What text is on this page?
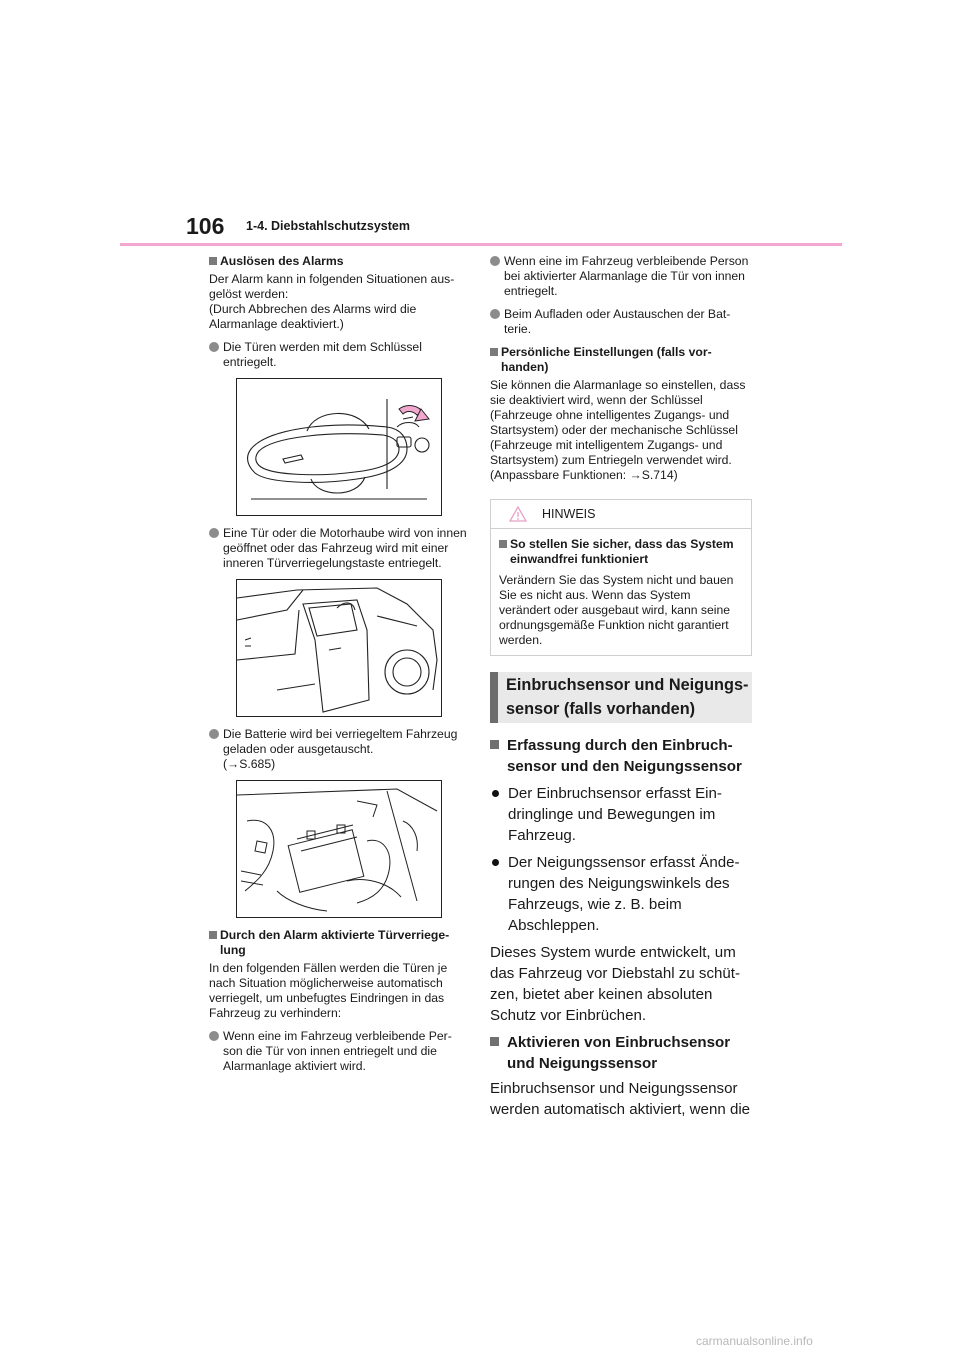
106 1-4. Diebstahlschutzsystem
Auslösen des Alarms
Der Alarm kann in folgenden Situationen ausgelöst werden:
(Durch Abbrechen des Alarms wird die Alarmanlage deaktiviert.)
Die Türen werden mit dem Schlüssel entriegelt.
Eine Tür oder die Motorhaube wird von innen geöffnet oder das Fahrzeug wird mit einer inneren Türverriegelungstaste entriegelt.
Die Batterie wird bei verriegeltem Fahrzeug geladen oder ausgetauscht.
(→S.685)
Durch den Alarm aktivierte Türverriegelung
In den folgenden Fällen werden die Türen je nach Situation möglicherweise automatisch verriegelt, um unbefugtes Eindringen in das Fahrzeug zu verhindern:
Wenn eine im Fahrzeug verbleibende Person die Tür von innen entriegelt und die Alarmanlage aktiviert wird.
Wenn eine im Fahrzeug verbleibende Person bei aktivierter Alarmanlage die Tür von innen entriegelt.
Beim Aufladen oder Austauschen der Batterie.
Persönliche Einstellungen (falls vorhanden)
Sie können die Alarmanlage so einstellen, dass sie deaktiviert wird, wenn der Schlüssel (Fahrzeuge ohne intelligentes Zugangs- und Startsystem) oder der mechanische Schlüssel (Fahrzeuge mit intelligentem Zugangs- und Startsystem) zum Entriegeln verwendet wird.
(Anpassbare Funktionen: →S.714)
HINWEIS
So stellen Sie sicher, dass das System einwandfrei funktioniert
Verändern Sie das System nicht und bauen Sie es nicht aus. Wenn das System verändert oder ausgebaut wird, kann seine ordnungsgemäße Funktion nicht garantiert werden.
Einbruchsensor und Neigungs-
sensor (falls vorhanden)
Erfassung durch den Einbruchsensor und den Neigungssensor
Der Einbruchsensor erfasst Eindringlinge und Bewegungen im Fahrzeug.
Der Neigungssensor erfasst Änderungen des Neigungswinkels des Fahrzeugs, wie z. B. beim Abschleppen.
Dieses System wurde entwickelt, um das Fahrzeug vor Diebstahl zu schützen, bietet aber keinen absoluten Schutz vor Einbrüchen.
Aktivieren von Einbruchsensor und Neigungssensor
Einbruchsensor und Neigungssensor werden automatisch aktiviert, wenn die
carmanualsonline.info
